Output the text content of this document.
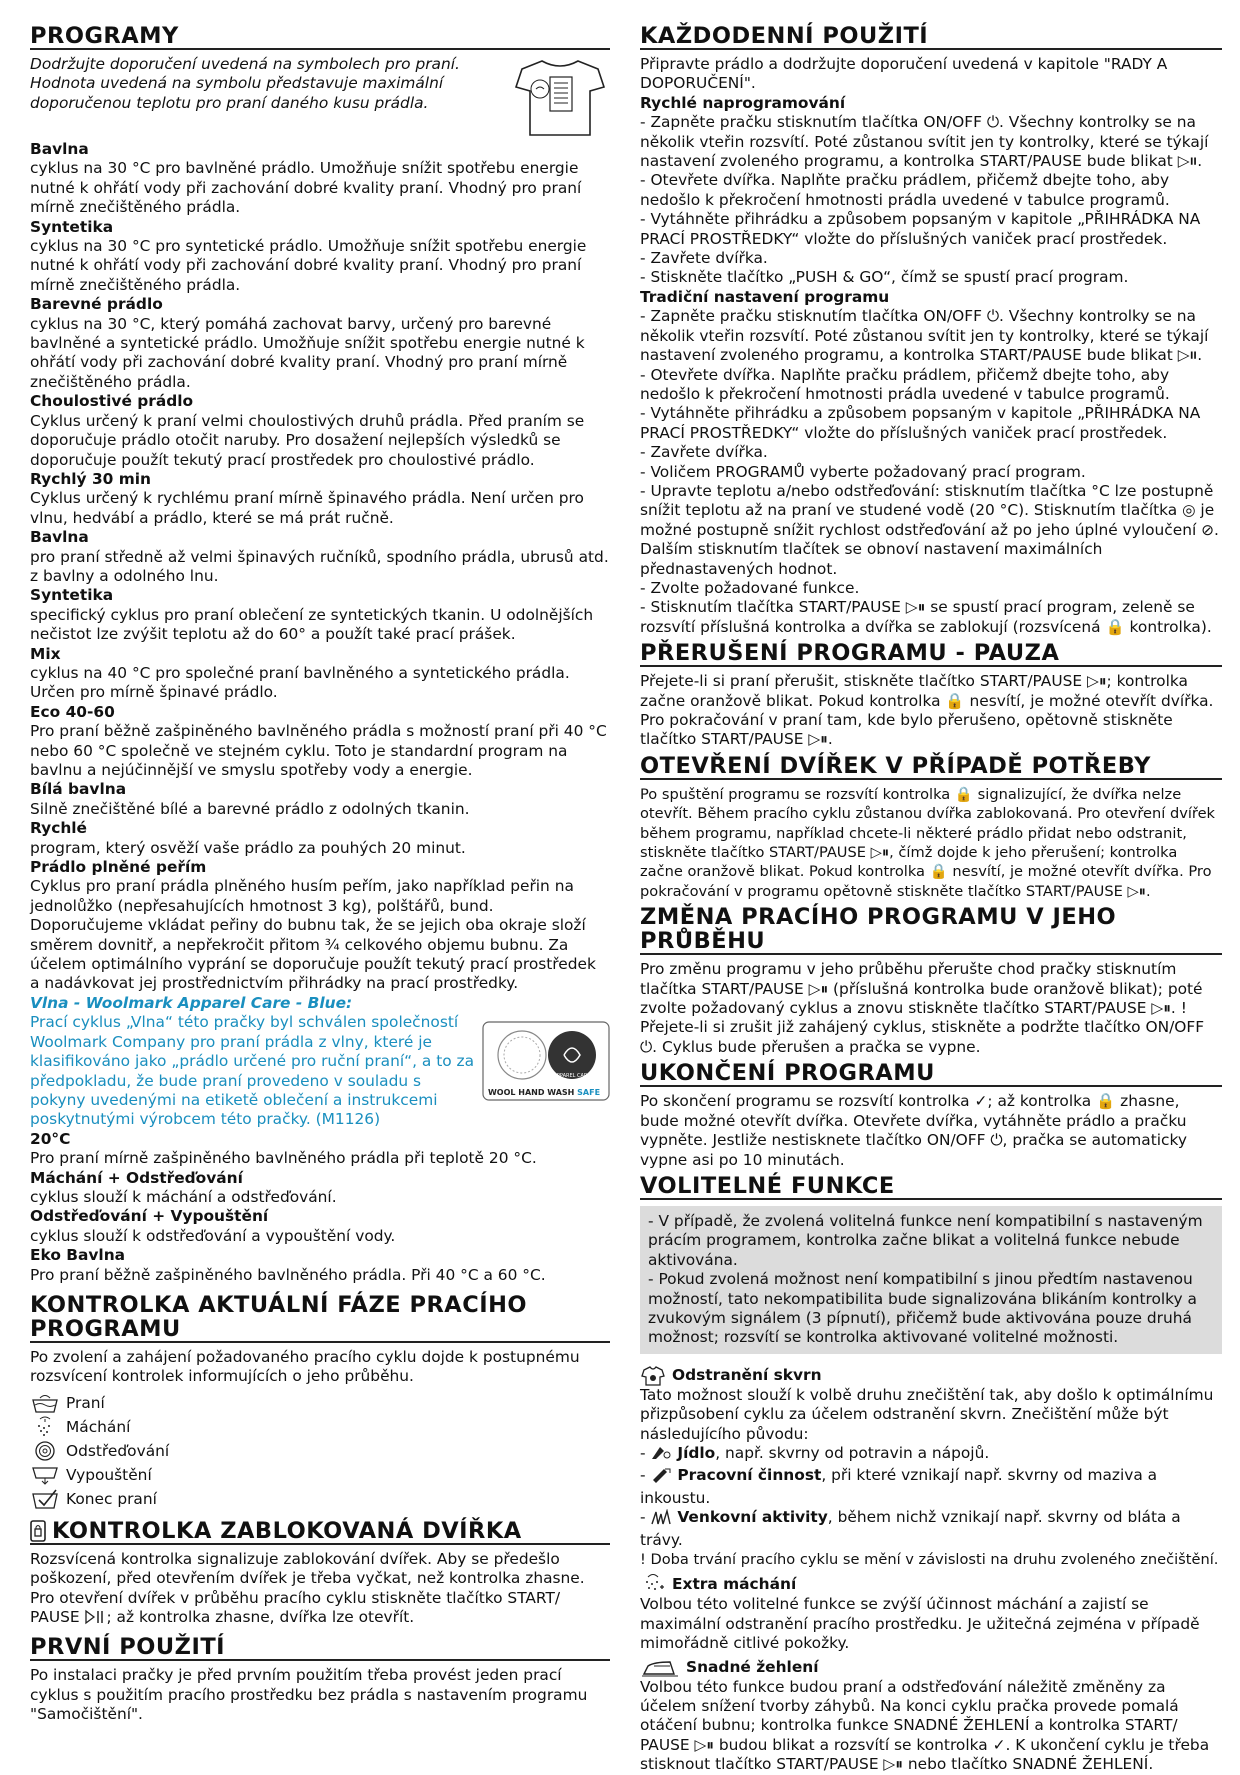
PROGRAMY

Dodržujte doporučení uvedená na symbolech pro praní. Hodnota uvedená na symbolu představuje maximální doporučenou teplotu pro praní daného kusu prádla.

Bavlna

cyklus na 30 °C pro bavlněné prádlo. Umožňuje snížit spotřebu energie nutné k ohřátí vody při zachování dobré kvality praní. Vhodný pro praní mírně znečištěného prádla.

Syntetika

cyklus na 30 °C pro syntetické prádlo. Umožňuje snížit spotřebu energie nutné k ohřátí vody při zachování dobré kvality praní. Vhodný pro praní mírně znečištěného prádla.

Barevné prádlo

cyklus na 30 °C, který pomáhá zachovat barvy, určený pro barevné bavlněné a syntetické prádlo. Umožňuje snížit spotřebu energie nutné k ohřátí vody při zachování dobré kvality praní. Vhodný pro praní mírně znečištěného prádla.

Choulostivé prádlo

Cyklus určený k praní velmi choulostivých druhů prádla. Před praním se doporučuje prádlo otočit naruby. Pro dosažení nejlepších výsledků se doporučuje použít tekutý prací prostředek pro choulostivé prádlo.

Rychlý 30 min

Cyklus určený k rychlému praní mírně špinavého prádla. Není určen pro vlnu, hedvábí a prádlo, které se má prát ručně.

Bavlna

pro praní středně až velmi špinavých ručníků, spodního prádla, ubrusů atd. z bavlny a odolného lnu.

Syntetika

specifický cyklus pro praní oblečení ze syntetických tkanin. U odolnějších nečistot lze zvýšit teplotu až do 60° a použít také prací prášek.

Mix

cyklus na 40 °C pro společné praní bavlněného a syntetického prádla. Určen pro mírně špinavé prádlo.

Eco 40-60

Pro praní běžně zašpiněného bavlněného prádla s možností praní při 40 °C nebo 60 °C společně ve stejném cyklu. Toto je standardní program na bavlnu a nejúčinnější ve smyslu spotřeby vody a energie.

Bílá bavlna

Silně znečištěné bílé a barevné prádlo z odolných tkanin.

Rychlé

program, který osvěží vaše prádlo za pouhých 20 minut.

Prádlo plněné peřím

Cyklus pro praní prádla plněného husím peřím, jako například peřin na jednolůžko (nepřesahujících hmotnost 3 kg), polštářů, bund. Doporučujeme vkládat peřiny do bubnu tak, že se jejich oba okraje složí směrem dovnitř, a nepřekročit přitom ¾ celkového objemu bubnu. Za účelem optimálního vyprání se doporučuje použít tekutý prací prostředek a nadávkovat jej prostřednictvím přihrádky na prací prostředky.

Vlna - Woolmark Apparel Care - Blue:

Prací cyklus „Vlna“ této pračky byl schválen společností Woolmark Company pro praní prádla z vlny, které je klasifikováno jako „prádlo určené pro ruční praní“, a to za předpokladu, že bude praní provedeno v souladu s pokyny uvedenými na etiketě oblečení a instrukcemi poskytnutými výrobcem této pračky. (M1126)

APPAREL CARE
WOOL HAND WASH SAFE

20°C

Pro praní mírně zašpiněného bavlněného prádla při teplotě 20 °C.

Máchání + Odstřeďování

cyklus slouží k máchání a odstřeďování.

Odstřeďování + Vypouštění

cyklus slouží k odstřeďování a vypouštění vody.

Eko Bavlna

Pro praní běžně zašpiněného bavlněného prádla. Při 40 °C a 60 °C.

KONTROLKA AKTUÁLNÍ FÁZE PRACÍHO PROGRAMU

Po zvolení a zahájení požadovaného pracího cyklu dojde k postupnému rozsvícení kontrolek informujících o jeho průběhu.

Praní
Máchání
Odstřeďování
Vypouštění
Konec praní
KONTROLKA ZABLOKOVANÁ DVÍŘKA

Rozsvícená kontrolka signalizuje zablokování dvířek. Aby se předešlo poškození, před otevřením dvířek je třeba vyčkat, než kontrolka zhasne. Pro otevření dvířek v průběhu pracího cyklu stiskněte tlačítko START/ PAUSE ; až kontrolka zhasne, dvířka lze otevřít.

PRVNÍ POUŽITÍ

Po instalaci pračky je před prvním použitím třeba provést jeden prací cyklus s použitím pracího prostředku bez prádla s nastavením programu "Samočištění".

KAŽDODENNÍ POUŽITÍ

Připravte prádlo a dodržujte doporučení uvedená v kapitole "RADY A DOPORUČENÍ".

Rychlé naprogramování

- Zapněte pračku stisknutím tlačítka ON/OFF ⏻. Všechny kontrolky se na několik vteřin rozsvítí. Poté zůstanou svítit jen ty kontrolky, které se týkají nastavení zvoleného programu, a kontrolka START/PAUSE bude blikat ▷⏸.

- Otevřete dvířka. Naplňte pračku prádlem, přičemž dbejte toho, aby nedošlo k překročení hmotnosti prádla uvedené v tabulce programů.

- Vytáhněte přihrádku a způsobem popsaným v kapitole „PŘIHRÁDKA NA PRACÍ PROSTŘEDKY“ vložte do příslušných vaniček prací prostředek.

- Zavřete dvířka.

- Stiskněte tlačítko „PUSH & GO“, čímž se spustí prací program.

Tradiční nastavení programu

- Zapněte pračku stisknutím tlačítka ON/OFF ⏻. Všechny kontrolky se na několik vteřin rozsvítí. Poté zůstanou svítit jen ty kontrolky, které se týkají nastavení zvoleného programu, a kontrolka START/PAUSE bude blikat ▷⏸.

- Otevřete dvířka. Naplňte pračku prádlem, přičemž dbejte toho, aby nedošlo k překročení hmotnosti prádla uvedené v tabulce programů.

- Vytáhněte přihrádku a způsobem popsaným v kapitole „PŘIHRÁDKA NA PRACÍ PROSTŘEDKY“ vložte do příslušných vaniček prací prostředek.

- Zavřete dvířka.

- Voličem PROGRAMŮ vyberte požadovaný prací program.

- Upravte teplotu a/nebo odstřeďování: stisknutím tlačítka °C lze postupně snížit teplotu až na praní ve studené vodě (20 °C). Stisknutím tlačítka ◎ je možné postupně snížit rychlost odstřeďování až po jeho úplné vyloučení ⊘. Dalším stisknutím tlačítek se obnoví nastavení maximálních přednastavených hodnot.

- Zvolte požadované funkce.

- Stisknutím tlačítka START/PAUSE ▷⏸ se spustí prací program, zeleně se rozsvítí příslušná kontrolka a dvířka se zablokují (rozsvícená 🔒 kontrolka).

PŘERUŠENÍ PROGRAMU - PAUZA

Přejete-li si praní přerušit, stiskněte tlačítko START/PAUSE ▷⏸; kontrolka začne oranžově blikat. Pokud kontrolka 🔒 nesvítí, je možné otevřít dvířka. Pro pokračování v praní tam, kde bylo přerušeno, opětovně stiskněte tlačítko START/PAUSE ▷⏸.

OTEVŘENÍ DVÍŘEK V PŘÍPADĚ POTŘEBY

Po spuštění programu se rozsvítí kontrolka 🔒 signalizující, že dvířka nelze otevřít. Během pracího cyklu zůstanou dvířka zablokovaná. Pro otevření dvířek během programu, například chcete-li některé prádlo přidat nebo odstranit, stiskněte tlačítko START/PAUSE ▷⏸, čímž dojde k jeho přerušení; kontrolka začne oranžově blikat. Pokud kontrolka 🔒 nesvítí, je možné otevřít dvířka. Pro pokračování v programu opětovně stiskněte tlačítko START/PAUSE ▷⏸.

ZMĚNA PRACÍHO PROGRAMU V JEHO PRŮBĚHU

Pro změnu programu v jeho průběhu přerušte chod pračky stisknutím tlačítka START/PAUSE ▷⏸ (příslušná kontrolka bude oranžově blikat); poté zvolte požadovaný cyklus a znovu stiskněte tlačítko START/PAUSE ▷⏸. ! Přejete-li si zrušit již zahájený cyklus, stiskněte a podržte tlačítko ON/OFF ⏻. Cyklus bude přerušen a pračka se vypne.

UKONČENÍ PROGRAMU

Po skončení programu se rozsvítí kontrolka ✓; až kontrolka 🔒 zhasne, bude možné otevřít dvířka. Otevřete dvířka, vytáhněte prádlo a pračku vypněte. Jestliže nestisknete tlačítko ON/OFF ⏻, pračka se automaticky vypne asi po 10 minutách.

VOLITELNÉ FUNKCE

- V případě, že zvolená volitelná funkce není kompatibilní s nastaveným prácím programem, kontrolka začne blikat a volitelná funkce nebude aktivována.

- Pokud zvolená možnost není kompatibilní s jinou předtím nastavenou možností, tato nekompatibilita bude signalizována blikáním kontrolky a zvukovým signálem (3 pípnutí), přičemž bude aktivována pouze druhá možnost; rozsvítí se kontrolka aktivované volitelné možnosti.

Odstranění skvrn

Tato možnost slouží k volbě druhu znečištění tak, aby došlo k optimálnímu přizpůsobení cyklu za účelem odstranění skvrn. Znečištění může být následujícího původu:

-  Jídlo, např. skvrny od potravin a nápojů.

-  Pracovní činnost, při které vznikají např. skvrny od maziva a inkoustu.

-  Venkovní aktivity, během nichž vznikají např. skvrny od bláta a trávy.

! Doba trvání pracího cyklu se mění v závislosti na druhu zvoleného znečištění.

Extra máchání

Volbou této volitelné funkce se zvýší účinnost máchání a zajistí se maximální odstranění pracího prostředku. Je užitečná zejména v případě mimořádně citlivé pokožky.

Snadné žehlení

Volbou této funkce budou praní a odstřeďování náležitě změněny za účelem snížení tvorby záhybů. Na konci cyklu pračka provede pomalá otáčení bubnu; kontrolka funkce SNADNÉ ŽEHLENÍ a kontrolka START/ PAUSE ▷⏸ budou blikat a rozsvítí se kontrolka ✓. K ukončení cyklu je třeba stisknout tlačítko START/PAUSE ▷⏸ nebo tlačítko SNADNÉ ŽEHLENÍ.
